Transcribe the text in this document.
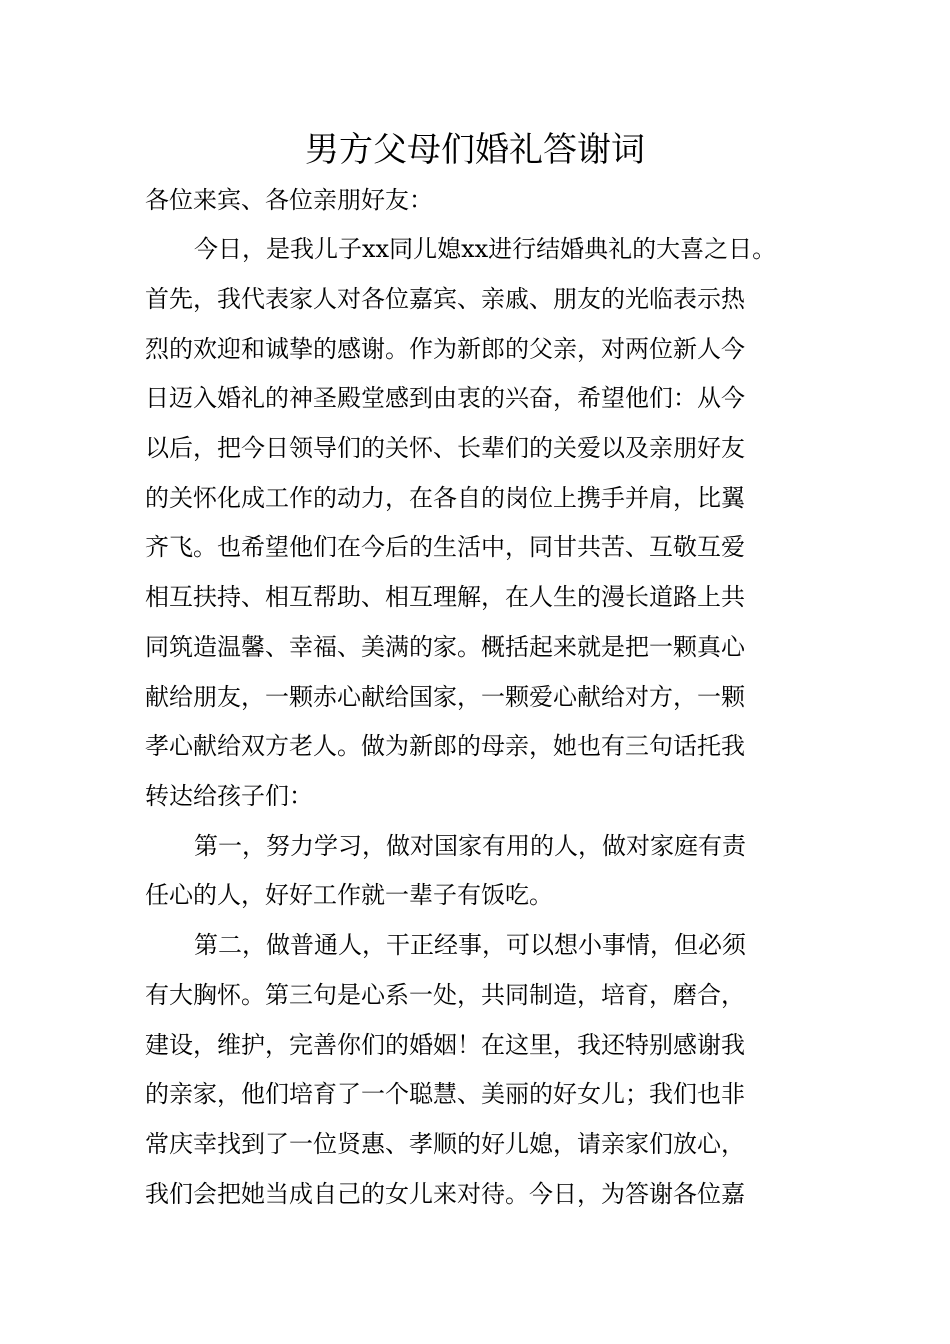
男方父母们婚礼答谢词

各位来宾、各位亲朋好友：

今日，是我儿子xx同儿媳xx进行结婚典礼的大喜之日。

首先，我代表家人对各位嘉宾、亲戚、朋友的光临表示热

烈的欢迎和诚挚的感谢。作为新郎的父亲，对两位新人今

日迈入婚礼的神圣殿堂感到由衷的兴奋，希望他们：从今

以后，把今日领导们的关怀、长辈们的关爱以及亲朋好友

的关怀化成工作的动力，在各自的岗位上携手并肩，比翼

齐飞。也希望他们在今后的生活中，同甘共苦、互敬互爱

相互扶持、相互帮助、相互理解，在人生的漫长道路上共

同筑造温馨、幸福、美满的家。概括起来就是把一颗真心

献给朋友，一颗赤心献给国家，一颗爱心献给对方，一颗

孝心献给双方老人。做为新郎的母亲，她也有三句话托我

转达给孩子们：

第一，努力学习，做对国家有用的人，做对家庭有责

任心的人，好好工作就一辈子有饭吃。

第二，做普通人，干正经事，可以想小事情，但必须

有大胸怀。第三句是心系一处，共同制造，培育，磨合，

建设，维护，完善你们的婚姻！在这里，我还特别感谢我

的亲家，他们培育了一个聪慧、美丽的好女儿；我们也非

常庆幸找到了一位贤惠、孝顺的好儿媳，请亲家们放心，

我们会把她当成自己的女儿来对待。今日，为答谢各位嘉
